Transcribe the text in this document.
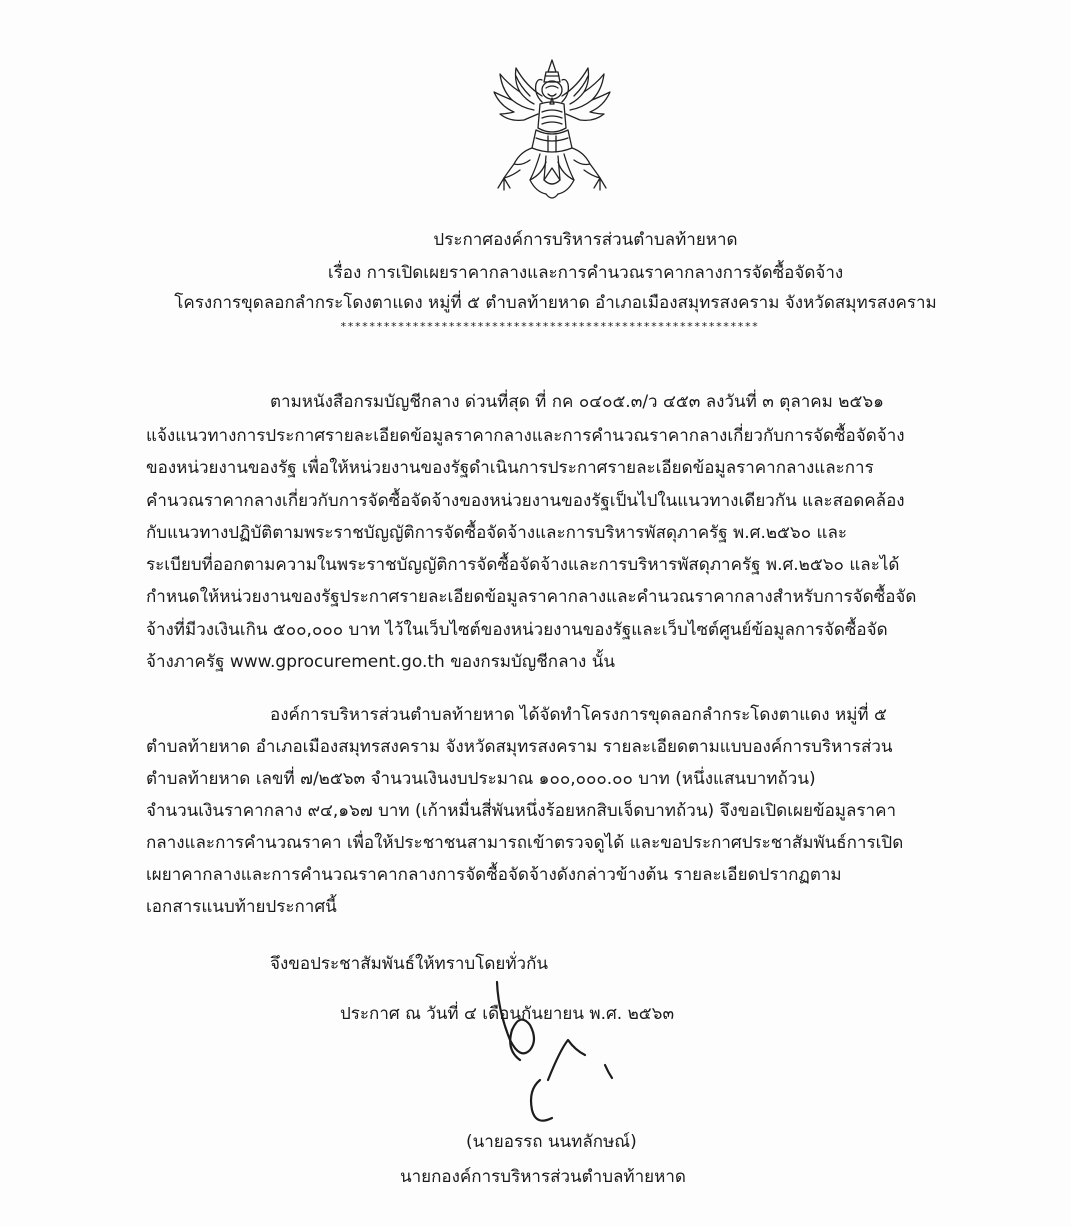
ประกาศองค์การบริหารส่วนตำบลท้ายหาด
เรื่อง การเปิดเผยราคากลางและการคำนวณราคากลางการจัดซื้อจัดจ้าง
โครงการขุดลอกลำกระโดงตาแดง หมู่ที่ ๕ ตำบลท้ายหาด อำเภอเมืองสมุทรสงคราม จังหวัดสมุทรสงคราม
**********************************************************
ตามหนังสือกรมบัญชีกลาง ด่วนที่สุด ที่ กค ๐๔๐๕.๓/ว ๔๕๓ ลงวันที่ ๓ ตุลาคม ๒๕๖๑
แจ้งแนวทางการประกาศรายละเอียดข้อมูลราคากลางและการคำนวณราคากลางเกี่ยวกับการจัดซื้อจัดจ้าง
ของหน่วยงานของรัฐ เพื่อให้หน่วยงานของรัฐดำเนินการประกาศรายละเอียดข้อมูลราคากลางและการ
คำนวณราคากลางเกี่ยวกับการจัดซื้อจัดจ้างของหน่วยงานของรัฐเป็นไปในแนวทางเดียวกัน และสอดคล้อง
กับแนวทางปฏิบัติตามพระราชบัญญัติการจัดซื้อจัดจ้างและการบริหารพัสดุภาครัฐ พ.ศ.๒๕๖๐ และ
ระเบียบที่ออกตามความในพระราชบัญญัติการจัดซื้อจัดจ้างและการบริหารพัสดุภาครัฐ พ.ศ.๒๕๖๐ และได้
กำหนดให้หน่วยงานของรัฐประกาศรายละเอียดข้อมูลราคากลางและคำนวณราคากลางสำหรับการจัดซื้อจัด
จ้างที่มีวงเงินเกิน ๕๐๐,๐๐๐ บาท ไว้ในเว็บไซต์ของหน่วยงานของรัฐและเว็บไซต์ศูนย์ข้อมูลการจัดซื้อจัด
จ้างภาครัฐ www.gprocurement.go.th ของกรมบัญชีกลาง นั้น
องค์การบริหารส่วนตำบลท้ายหาด ได้จัดทำโครงการขุดลอกลำกระโดงตาแดง หมู่ที่ ๕
ตำบลท้ายหาด อำเภอเมืองสมุทรสงคราม จังหวัดสมุทรสงคราม รายละเอียดตามแบบองค์การบริหารส่วน
ตำบลท้ายหาด เลขที่ ๗/๒๕๖๓ จำนวนเงินงบประมาณ ๑๐๐,๐๐๐.๐๐ บาท (หนึ่งแสนบาทถ้วน)
จำนวนเงินราคากลาง ๙๔,๑๖๗ บาท (เก้าหมื่นสี่พันหนึ่งร้อยหกสิบเจ็ดบาทถ้วน) จึงขอเปิดเผยข้อมูลราคา
กลางและการคำนวณราคา เพื่อให้ประชาชนสามารถเข้าตรวจดูได้ และขอประกาศประชาสัมพันธ์การเปิด
เผยาคากลางและการคำนวณราคากลางการจัดซื้อจัดจ้างดังกล่าวข้างต้น รายละเอียดปรากฏตาม
เอกสารแนบท้ายประกาศนี้
จึงขอประชาสัมพันธ์ให้ทราบโดยทั่วกัน
ประกาศ ณ วันที่ ๔ เดือนกันยายน พ.ศ. ๒๕๖๓
(นายอรรถ นนทลักษณ์)
นายกองค์การบริหารส่วนตำบลท้ายหาด
